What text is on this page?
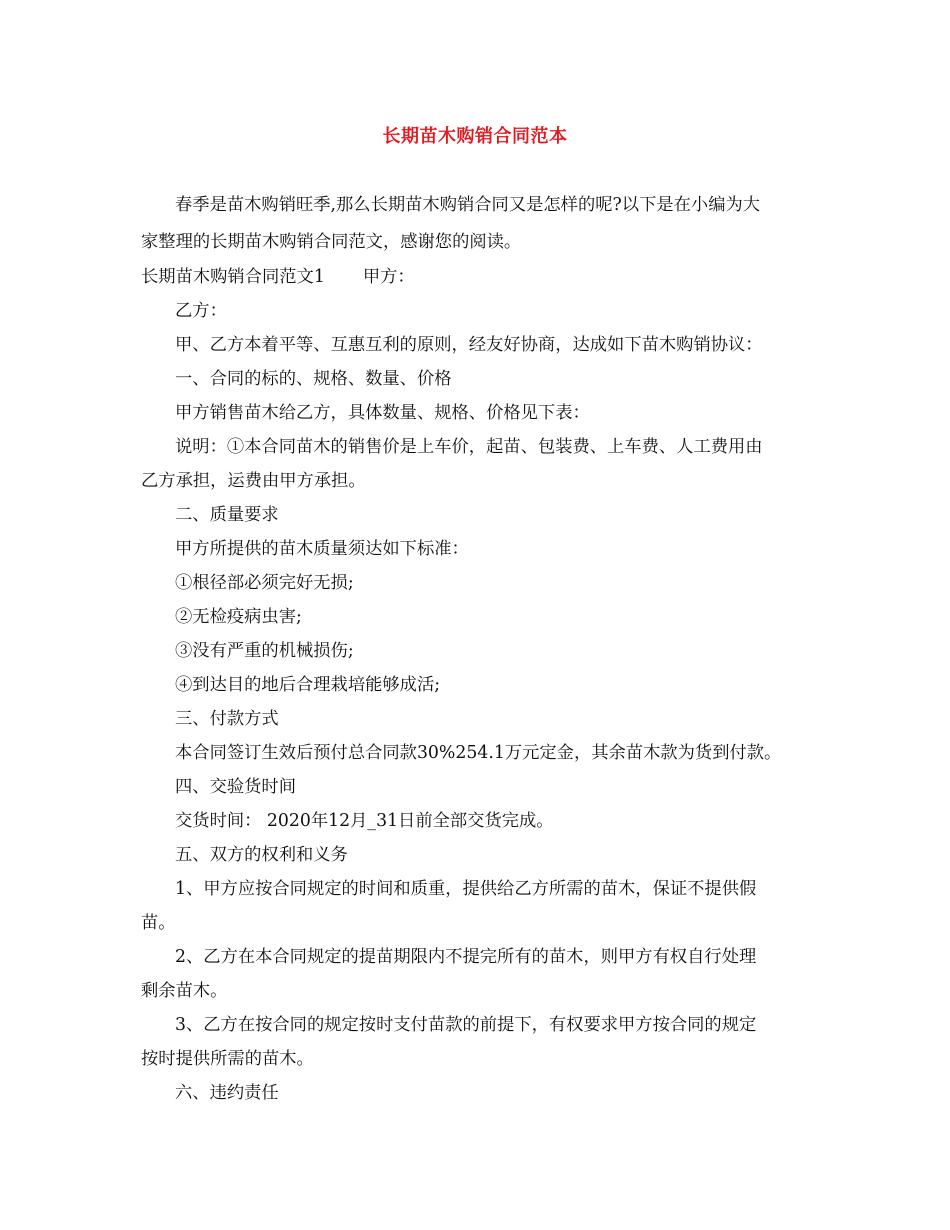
长期苗木购销合同范本
春季是苗木购销旺季,那么长期苗木购销合同又是怎样的呢?以下是在小编为大
家整理的长期苗木购销合同范文，感谢您的阅读。
长期苗木购销合同范文1 甲方：
乙方：
甲、乙方本着平等、互惠互利的原则，经友好协商，达成如下苗木购销协议：
一、合同的标的、规格、数量、价格
甲方销售苗木给乙方，具体数量、规格、价格见下表：
说明：①本合同苗木的销售价是上车价，起苗、包装费、上车费、人工费用由
乙方承担，运费由甲方承担。
二、质量要求
甲方所提供的苗木质量须达如下标准：
①根径部必须完好无损;
②无检疫病虫害;
③没有严重的机械损伤;
④到达目的地后合理栽培能够成活;
三、付款方式
本合同签订生效后预付总合同款30%254.1万元定金，其余苗木款为货到付款。
四、交验货时间
交货时间： 2020年12月_31日前全部交货完成。
五、双方的权利和义务
1、甲方应按合同规定的时间和质重，提供给乙方所需的苗木，保证不提供假
苗。
2、乙方在本合同规定的提苗期限内不提完所有的苗木，则甲方有权自行处理
剩余苗木。
3、乙方在按合同的规定按时支付苗款的前提下，有权要求甲方按合同的规定
按时提供所需的苗木。
六、违约责任
